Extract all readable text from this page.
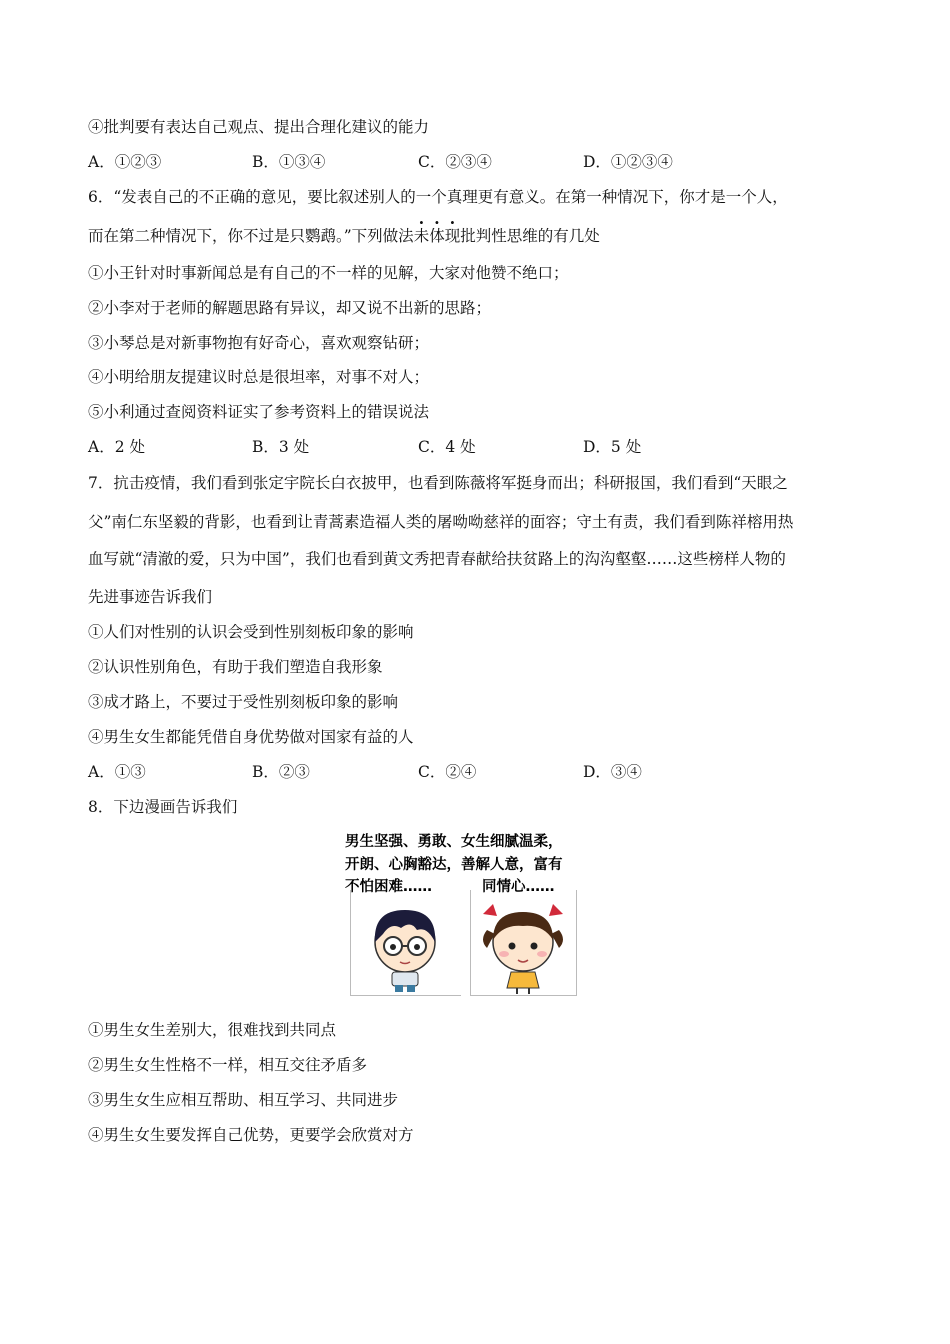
④批判要有表达自己观点、提出合理化建议的能力
A．①②③	B．①③④	C．②③④	D．①②③④
6．“发表自己的不正确的意见，要比叙述别人的一个真理更有意义。在第一种情况下，你才是一个人，
而在第二种情况下，你不过是只鹦鹉。”下列做法未体现批判性思维的有几处
①小王针对时事新闻总是有自己的不一样的见解，大家对他赞不绝口；
②小李对于老师的解题思路有异议，却又说不出新的思路；
③小琴总是对新事物抱有好奇心，喜欢观察钻研；
④小明给朋友提建议时总是很坦率，对事不对人；
⑤小利通过查阅资料证实了参考资料上的错误说法
A．2 处	B．3 处	C．4 处	D．5 处
7．抗击疫情，我们看到张定宇院长白衣披甲，也看到陈薇将军挺身而出；科研报国，我们看到“天眼之
父”南仁东坚毅的背影，也看到让青蒿素造福人类的屠呦呦慈祥的面容；守土有责，我们看到陈祥榕用热
血写就“清澈的爱，只为中国”，我们也看到黄文秀把青春献给扶贫路上的沟沟壑壑……这些榜样人物的
先进事迹告诉我们
①人们对性别的认识会受到性别刻板印象的影响
②认识性别角色，有助于我们塑造自我形象
③成才路上，不要过于受性别刻板印象的影响
④男生女生都能凭借自身优势做对国家有益的人
A．①③	B．②③	C．②④	D．③④
8．下边漫画告诉我们
男生坚强、勇敢、女生细腻温柔，
开朗、心胸豁达，善解人意，富有
不怕困难……	同情心……
①男生女生差别大，很难找到共同点
②男生女生性格不一样，相互交往矛盾多
③男生女生应相互帮助、相互学习、共同进步
④男生女生要发挥自己优势，更要学会欣赏对方
